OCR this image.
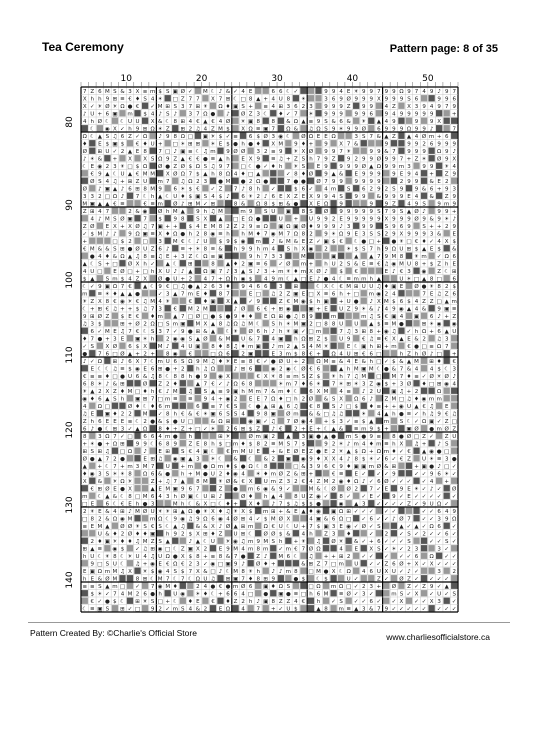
Tea Ceremony	Pattern page: 8 of 35
7 Z 6 M S & 3 X ≡ m $ S ▣ Ø ✓ M ☾ ♪ & ✓ 4 E	6 6 ☾ ✓	9 9 4 E ☀ 9 9 7 9 9 Ω 9 7 4 9 ♪ 9 7
X h h 9 ⊞ ≡ € ♦ S 4 ☀ □ Z 7 7 X 7 ⊞ ☾ □ 8 ▲ + 4 U 8 ☀	3 6 9 Ø 9 9 9 X 9 9 9 S 6	9 9 6
X ✓ ☀ Ø ☀ Ω ● € ✓ M ⊞ S 3 7 ⊞ ☀ Ω ♦ ▣ S + ≡ 4 ⊞ 3 6 2 3 9 9 9 Z 9 9 4 Z X 3 9 4 9 7 9
♪ U + 6 ▣ m $ 4 ♪ S ♪ 3 7 Ω ● ♪ Ø Z 3 ☾ ♦ ✓ 7 ☀ 9 9 9 9 9 6 9 4 9 9 9 9 9	+
4 h Ø ☾ ☾ U U X & ☾ 8 ⊞ 4 € ▲ € 4 Ø ☀ ▣ 8 8 & Ω ▲ ≡ 9 S & 6 & ☀ ▲ 4 9	9 9 X
☾ ◉ X ✓ h 9 ⊞ Ω ☀ Z ⊞ 2 ♫ 4 Z M $ X Ω ≡ ▣ 7 Ω & ♫ Ω S 9 ☀ 9 9 Ø 6 9 9 9 Ω 9 9 ♪	7
Ω ☾ ▲ S ♫ 6 Z ✓ Ω ♪ 9 8 Ω □ ▣ ☀ $ ✓ ≡ 6 $ Ø 3 ◉ ☾ Ø Ω E E Ω	3 S 7 & ▲ Z ▲ 4 Ø m + 6
♦ E $ ▣ $ € ♦ U + □ ☀ ⊞ ⊞ ☀ E $ ● h ● ♦ X M 9 ♦ + 9 X 7 &	9	9 9 2 6 9 9 9
Ø ⊞ U ✓ 2 ▲ E 8 7 □ ♪ ▣ ≡ ☾ ♫ m 9 Ø Ø 3 2 ≡ 9 ☀ X Ø 9 9 7 ☀	9 9 & 7 9 9 9 Ω 9 ♪
♪ ☀ & + X X S Ω 9 Z ▲ € € ● ≡ ▲ h E X 9 ≡ ♫ + Z S h 7 9 Z 9 2 9 9 Ø 9 9 7 + Z ☀ Ø 9 X
☾ E ◉ 2 3 ☀ □ $ Ω Ø ● Z Ø $ Ω S ♫ 9 7 □ ☾ ● ✓ ♦ h ☀ S E 9 9 9 9 Ø ▲ Ω 9 9 m 3 9 9 ☀ 4
€ 9 ▲ ☾ U ▲ € M M X Ø Ω 7 $ ▲ h 8 Ω 4 ♦ □ ▲	✓ 8 ♦ Ø 9 ▲ & E 9 9 9 9 E 9 4 + Z 9
Ø S 4 ♫ + ⊞ Z U m 7 ♫ Ω 2 3 ● M ● 2 Ω ●	7 ● ● Ø 7 9 9 9 9 9 9	2 9 9 & E 2
Ø ♪ ▣ ▲ ♪ 6 ⊞ 8 M 9 6 ☀ $ € ✓ Z 7 ♪ 8 h ✓	$ 6 ✓ 4 m S 6 2 9 2 S 9 9 & 6 + 9 3
3 3 2 □ Ω ♪ 7 ☾ h ▲ ☾ U ♦ $ ▣ S 4 $ ♪ 6 ☀ 2 ♪ 6 E X Z E X 9 9 4 S 9 9 & 9 9 9 E 4 & Z 9
M ▣ ▲ ▲ € ≡	€ ≡ m Ø ♪ ⊞ M ✓ ⊞	8 & Ω 8 $ ⊞ & ● X E Ω 9	9 9 Z 4 9 S 9 m 9
Z ⊞ 4 7	2 & ◉ Ø h M ▲ 9 h ♫ M	m 9 S U ▣ 8 S Ø 9 9 9 9 9 S 7 9 S ▲ Ø ♪ 9 9 +
4 ♪ M S Ø ▣ 7 $ 9 8 S X ▲ □ E Ω ●	U + U 9 9 2 E 9 9 9 9 9 X 9 9 9 Ø 9 & 9 ☀ ♪
Z Ø E X + X Ø ♫ 7 ▣ + + $ 4 E M 8 2 Z 2 9 ≡ Ω ▣ Ω ▣ Ø ♦ 9 9 9 ♪ 3 9 9 S 9 6 9 S + + 2 9
✓ $ M ♪ ♪ 9 Ω ▣ ≡ X ♦ Ω ● h 2 8 ◉ ≡ h h M ♦ 7 ◉ M 7 Ω 8 2 9 ☀ Ω 9 E 3 S S 2 9 X 9 9 9 3 & E
+	□ $ 2 □ 3 M € ☾ ♪ U $ 9 $ ◉ m ♪ & M & E Z ✓ ▣ $ € ☾ ● □ + ● ☀ □ € ♦ ✓ 4 X $
€ M & & S ⊞ ● Ø U Z 6 ♪ ≡ + ☀ 8 ≡ & h 9 9 h m 4 S h X ◉ 2	☀ $ S 7 h 9 Ω U ⊞ $ ▲ E $ &
● 4 ♦ & Ω ▲ ♫ 8 ≡ ♫ E + 3 Z ☾ Ω ≡ ▣	9 h 7 3 3	M	▣	▲ ▲ 7 9 M 8 ☀ m ✓ Ω 6
▲ ☾ S + □ Ø X h ✓ ▲ ☾ ⊞	8 ▲ ♦ 2 ▣ ≡ 6 ✓ Ø m + h U 2 S & E ≡ € ♫ ◉ M U 8 + $ Z h E
4 U □ E Ø □ + □ h X U ♪ ♪ ▲ Ω ▣ 7 ♪ 3 ▲ S ♪ 3 + m ☀ ♦ m X Ø ♪ $ €	E ♪ € 3 ◉ Z ☾ ⊞
$ ▲ S m $ 4 Z X Ø ● U + 2 4 7 + Ω h ◉ $ 4 9 m ☾ ▲ □ E ♪ ● 4 ☾ ≡ m m h ▲	U ☀ □ ▲ 8 □ 6
☾ ✓ 9 ▣ Ω 7 € ▲ ☾ 9 € □ ♫ ● ▲ 2 6 3 ♦ 9 4 6 6 3 ⊞	☾ X ☾ € M ⊞ U U ♫ ♦ ▣ E Ø ● ☀ 8 2 $
m ≡ ☀ ♦ ▲ ▲ ●	✓ 3 ▲ 7 m E ♦ 8 7	E □ ♫ 2 Z ▣ E □ X ≡ 6 h + □ m ◉ 2 4	7 E ♫ Z 6
☀ Z X 8 € ◉ ☀ € ♫ M 4 ☀	€ ♦ ▣ X ▲ ✓ 9	Z € M ◉ $ h ▣ + U ● ♪ X M $ 6 $ 4 Z Z □ ▲ m
☾ + ⊞ € ♫ + + $ ♫ 7 3 € M 2 M	♪ Ø 6 € + ⊞ ◉	▣ + E U Z 9 ☀ & ♪ 4 9 ◉ ▲ 4 & 9 ▣ ≡
9 ⊞ Ø Z $ E € ♦ m ▲ 7 □ Ø □ ● $ ● 9 ♦ ♦ E Ω ⊞ ● ♫ 8 9	m	m ♫ S € ▣ 4 ▣ 6 ♪ + Z
♫ 3 $	⊞ + Ø 2 Ω □ S m ▣ M X ▲ 8 ♫ Ω ♫ M ☾ S h ☀ M ▣ 2 □ 8 8 U U ▲ $ ≡ M ●	⊞ ☀ ◉ ◉
6 ✓ M E ♫ 7 € ☾ S 3 7 ✓ 9 ● ⊞ & ▲ ☾ ☀ Ø 6 h ♪ h ☀ ▣ ✓ □ m	7 ♫ 3 ⊞ 8 + ◉ ♫ ✓ h Ω + 6 ▲ U
♦ 7 ● + 3 E ▣ ☀ h 2 ◉ ◉ S ▲ Ø & M U & 7 4 ▣ h Ω ⊞ Z $ U 9 € ♫ ≡ € X ▲ E & 2 ♫ 3
✓ S X Ø 6 $ X M ♪ 4 U ▣ 8 ♦ 8 ♫ ♦ m ▣ ♪ m 2 ▲ S 4 M ☀	E ☾ ▣ h ⊞ + m € ● □ ≡ Ω 7
● 7 6 □ Ø ▲ + 2 + 8 ◉ €	□ Ω 6 2 ▣	E 3 m $ 8 € + Ω 4 U ⊞ € 6 □	h Z h Ø ♪ □ +
♪ ✓ Ω ⊞ ♪ 6 X 7 ☾ m U 6 S Ω 9 M ♫ ♦ ☀ E ≡ 8 € ✓ ● Ø U + 2 Ω M ≡ & 4 E & h □ ✓ $ & ▲ M ⊞ ♦ €
E ☾ ☾ ♫ ≡ $ ◉ E 6 ⊞ ● + 2 h ♫ Ω	♪ ⊞ 6	◉ 2 ◉ ☾ Ø € 6	▲ h M ▣ M ☾ ● & 7 & 4 4 $ ☾ 3
€ ≡ ≡ ♦ □ ● U 6 & ♫ 8 ☾ 8 8 h ● 9 ◉ X	€ X ☀ 8 ≡ m S Z $ ☀ h 7 ♫ M □ M 7 ♦ ≡ ✓ Ø ☀ Ø ♪
6 8 ☀ ♪ & ⊞	Ø Z 2 ♦	▲ 7 € ✓ ♪ Ω 6 8	☀ m 7 ♦ 6 ☀ 7 ☀ ⊞ ☀ 3 Z ◉ $ + 3 Ø ♦ □ ⊞ ◉ 4
☀ ▲ 2 X Z ♦ M □ ♦ h € ♪ M ♫ S ▲ ≡ 9 ▣ h M m 7 & m ♦ ☾ 6 X M 4 ≡ ♪ 2 U ▣ ♫ + 2	Ω
◉ ♦ 6 ▲ S h ▣ ⊞ 7 □ m ≡ ≡ 9 4 + ◉ 2 E E 7 Ω ♦ □ h 2 Ø & S X Ω 6 ♪ Z M □ ♫ ♦ ◉ m m
4 Ω □	Ø ♦ ☾ ♦ 6 m	6 ≡ 7 € S ☾ ● ▲ ⊞ ▲ 6 ♫ € 8 S ♪ □ $ ♦ ≡ + + ◉ U ▲ € ♫ E
♫ E ▣ ♦ 2 2 M ✓ 8 h € & € ☀ ▣ 6 S S 4 9 8 ▣ Ø m & & □ ♫ ♫	☀ 4 ▲ h ● ≡ ✓ h ♫ 9 € ♫
Z h 6 E E E ≡ ☾ 2 ● & $ ● U □	& Ω ⊞	◉ ▣ ✓ ♫ 7 Ø ◉ 4 + $ 3 ✓ ≡ $ ▲ m S ☾ ✓ Ω ▣ ✓ Z □
6 ♪ ● ☾ ⊞ 3 ✓ ▲ Ω 8 ♦ + Z + □ ✓ ☀ 2 6 ⊞ $ Z ♪ € 2 + E + ☾ ▲ & ≡ m 9 $ +	▣ Ø ● m Ø Z
8 3 Ω 7 ✓ □ 6 6 4 m ● h	⊞ ☀	Ø m ▣ 2 ▲ 3 ▣ ● ▲ ● m S ● 9 ≡ 8 ● Ø □ Z ✓ Z U
+ ☀ ● + Ω ⊞ 9 9 ☾ 6 8 9 Z E 8 h $ □ m ♦ $ 8 2 ≡ M S 7 $	9 2 ☀ ♪ m 4 ♦ m ≡ h X ♫ + ♪ S
⊞ S ⊞ ♫ □ Ω ♪ E ⊞ S € 4 ▣ ☾ € m M U E + & E Ø E Z ● E 2 ☀ ▲ $ Ω + Ω m ♦ ✓ € ▲ ◉ ● □
Ø ● ▲ 7 2 ●	E ⊞ ♫ ◉ ▣ ▲ 3 ☀ ☾ & ☾ & 2 ▣ ◉ 9 ♦ X X 4 ♪ 8 $ ☀ ✓ 6 ✓ € Z U ☀ ≡ 3 ●
▲ + ☾ 7 + m 3 M 7 U + m ● Ω m ♦ $ ● Ω ☾ 8	□ & 3 9 6 € 9 ♦ ▣ ▣ m Ø & ⊞	+ ▣ ● ♪ □ ✓
♦ ◉ 3 S ☀ ☀ 8 Ω 6 & ● h + M ● U 2 ♦ ◉ 4 ☀ ♦ m Ø Z & ⊞ +	€ ≡ E ✓ ✓ ✓ 9	✓ ✓ 9 6 ☀ ✓
X & ☀ Ω ☀	Z + ♫ 7 ▲ 8 M ☀ Ø & € X U m Z 3 2 € 4 Z M 2 ◉ ♦ Ω ♪ ✓ 6 Ø ✓ ✓ ✓ ✓ 4 +
€ ⊞ Ø E ● X	▲ E M ▣ 9 6 7	Z ● m 6 ◉ & 9 ✓	M & ☾ Ø Ø 2 7 ✓ E 9 E ☀ ✓ ♪ ✓ Ø
m ☾ ▲ & ☾ 8 □ M 6 4 3 h Ø ▣ ☾ U ⊞ ♪	Ø ♦ h ▲ 4 8 U Z ◉ ✓ 8 ✓ ✓ E ✓ 9 ✓ E ✓ ✓ ✓ ✓ ✓
□ E 6 ☾ € E h ● 3	M h ☾ & X □ ☾ ♦ + X ♦ ♪ 7 $ ♫ $ $ ●	◉ ▲ 3 ✓ ✓ ✓ ✓ Z ✓ 9 U Ω ✓
2 ☀ E & 4 ⊞ ♪ M Ø U ☀ ☀ ⊞ ▲ Ω ● ☀ X ♦ ♫ ☀ X $ m ⊞ + & E ▲ ♦ ◉ ▣ Ω ⊞ ✓ ✓ ✓ ✓ ✓	✓ ✓ 6 4 9
□ 8 2 & Ω ◉ M	m Ω ☾ 9 ◉ ♫ 9 Ω 6 ◉ 4 Ø ⊞ 4 ✓ $ M Ø X	4 ▣ & 6 Ω □ ✓ 6 ✓ ✓ ♪ Ø 7 ✓ ✓ 3 9 Ω
≡ E M ▲ Ø Ø ☀ S € S ☾ ▲ ♫ & & X ♪ Ø ▲ ⊞ m Ω € U ☾ U + 7 $ ▣ 3 E ◉ ✓ Ø ✓ S	▲ ✓ ▲ ✓ Ω 6 ✓
U & ♦ 2 Ø ♦ ♦ ▣ h 9 2 $ X ⊞ ♦ Z U ⊞ ☾ Ø Ø $ & 4 h Z 3 ♦	✓ 2 ✓ S ✓ 2 ✓ ✓ 6 ✓
2 ♦ ▣ ☀ ♦ ♦ ♫ M Z S ▲	♪ ▲ ☾ U ☀ ◉ ♫ m 9 M S h + ☀ ♫ Ø ☀ & ✓ + 6 ✓ ✓ ✓ S	✓ ✓ S ✓
⊞ ▲ ≡ ◉ $ ✓ ♫ ⊞ ◉ □ ☾ Z ▣ X 2 E 9 M 4 m 8 m ✓ m € 7 Ø Ω	4 E X S ✓ ☀ ✓ 2 3	3 ✓
h U ☾ ☀ 8 ☾ ☀ U 4 ♫ U Ω ● X $ 8 + ≡ 8 & 7 ● Z ♪ M 6 ☾ ♫ + + ⊞ 2 ✓ ✓ ✓ ✓ ✓ 6 Ω ✓ ✓
9 □ S U ☾ ♫ + ◉ E € Ω € 2 3 ✓ ◉ □ ▣ 9 ♪ Ø ♦ +	& ⊞ Z 7 □ m U ✓ ✓ Z 6 Ø + X ✓ X ✓ ✓ ✓
E ▣ Ω m M ♫ X ☀ $ ◉ 4 S $ 7 X & □ ♪ ☾ M 8 ☀ h ♪ ♪ m 8 □ M ● X ☾ Ω 4 6 U X U ✓ ♪ ✓	3 2
h E & Ø M	8 ⊞ ☾ M 7 ☾ 7 ☾ Ω U ♫ ⊞ ▣ 7 ♦ 8 ⊞ 9	● $ ☾ $	U ✓	Z ✓ Ø Z ✓ ✓ ✓ ✓
≡ ≡ S ▲ m □ ✓ 7 ◉ M ♦	2 4 ● € ● m Ø 6 ▣ ♦ Ω S	□ Ω m Ω □ ✓ 2 3 + Ø Z ✓ Z 9 ✓ ▲
$ ☀ ✓ 7 4 M 2 6 ● h U ◉ ☀ ♦ ☾ + 6 6 4 □ ● ▣ ● ≡ □ h 6 M ≡ Ø ✓ 3 ✓	m S ✓ X ✓ U ✓ S
€ ✓ ● $ ☾ ⊞ ☀ S □ + ☾ ♦ E € ♦ Z 2 h ♪ ▣ 8 Z Z 4 € h ✓ S ✓ ✓ 6 ✓ ✓ X ✓ ✓ X 3 ✓
☾ ≡ ▣ S ⊞ ✓ □ 9 2 ✓ m S 4 & 2 E Ω 4 7 + ✓ U $	▲ 8 m ≡ ▲ 3 & 7 9 ✓ ✓ ✓ ✓ ✓ ✓ ✓ ✓
10	20	30	40	50
80
90
100
110
120
130
140
Pattern Created By: ©Charlie's Official Store	www.charliesofficialstore.ca
